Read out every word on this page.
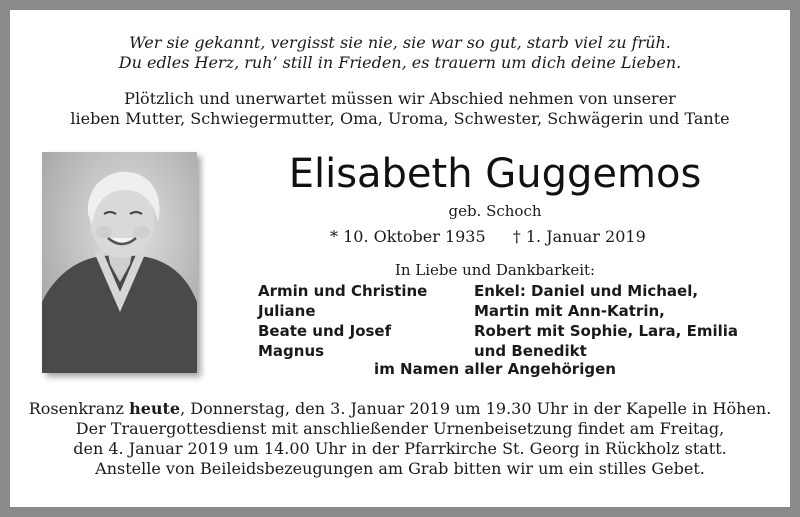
Wer sie gekannt, vergisst sie nie, sie war so gut, starb viel zu früh.
Du edles Herz, ruh’ still in Frieden, es trauern um dich deine Lieben.
Plötzlich und unerwartet müssen wir Abschied nehmen von unserer
lieben Mutter, Schwiegermutter, Oma, Uroma, Schwester, Schwägerin und Tante
Elisabeth Guggemos
geb. Schoch
* 10. Oktober 1935 † 1. Januar 2019
In Liebe und Dankbarkeit:
Armin und Christine
Juliane
Beate und Josef
Magnus
Enkel: Daniel und Michael,
Martin mit Ann-Katrin,
Robert mit Sophie, Lara, Emilia
und Benedikt
im Namen aller Angehörigen
Rosenkranz heute, Donnerstag, den 3. Januar 2019 um 19.30 Uhr in der Kapelle in Höhen.
Der Trauergottesdienst mit anschließender Urnenbeisetzung findet am Freitag,
den 4. Januar 2019 um 14.00 Uhr in der Pfarrkirche St. Georg in Rückholz statt.
Anstelle von Beileidsbezeugungen am Grab bitten wir um ein stilles Gebet.
